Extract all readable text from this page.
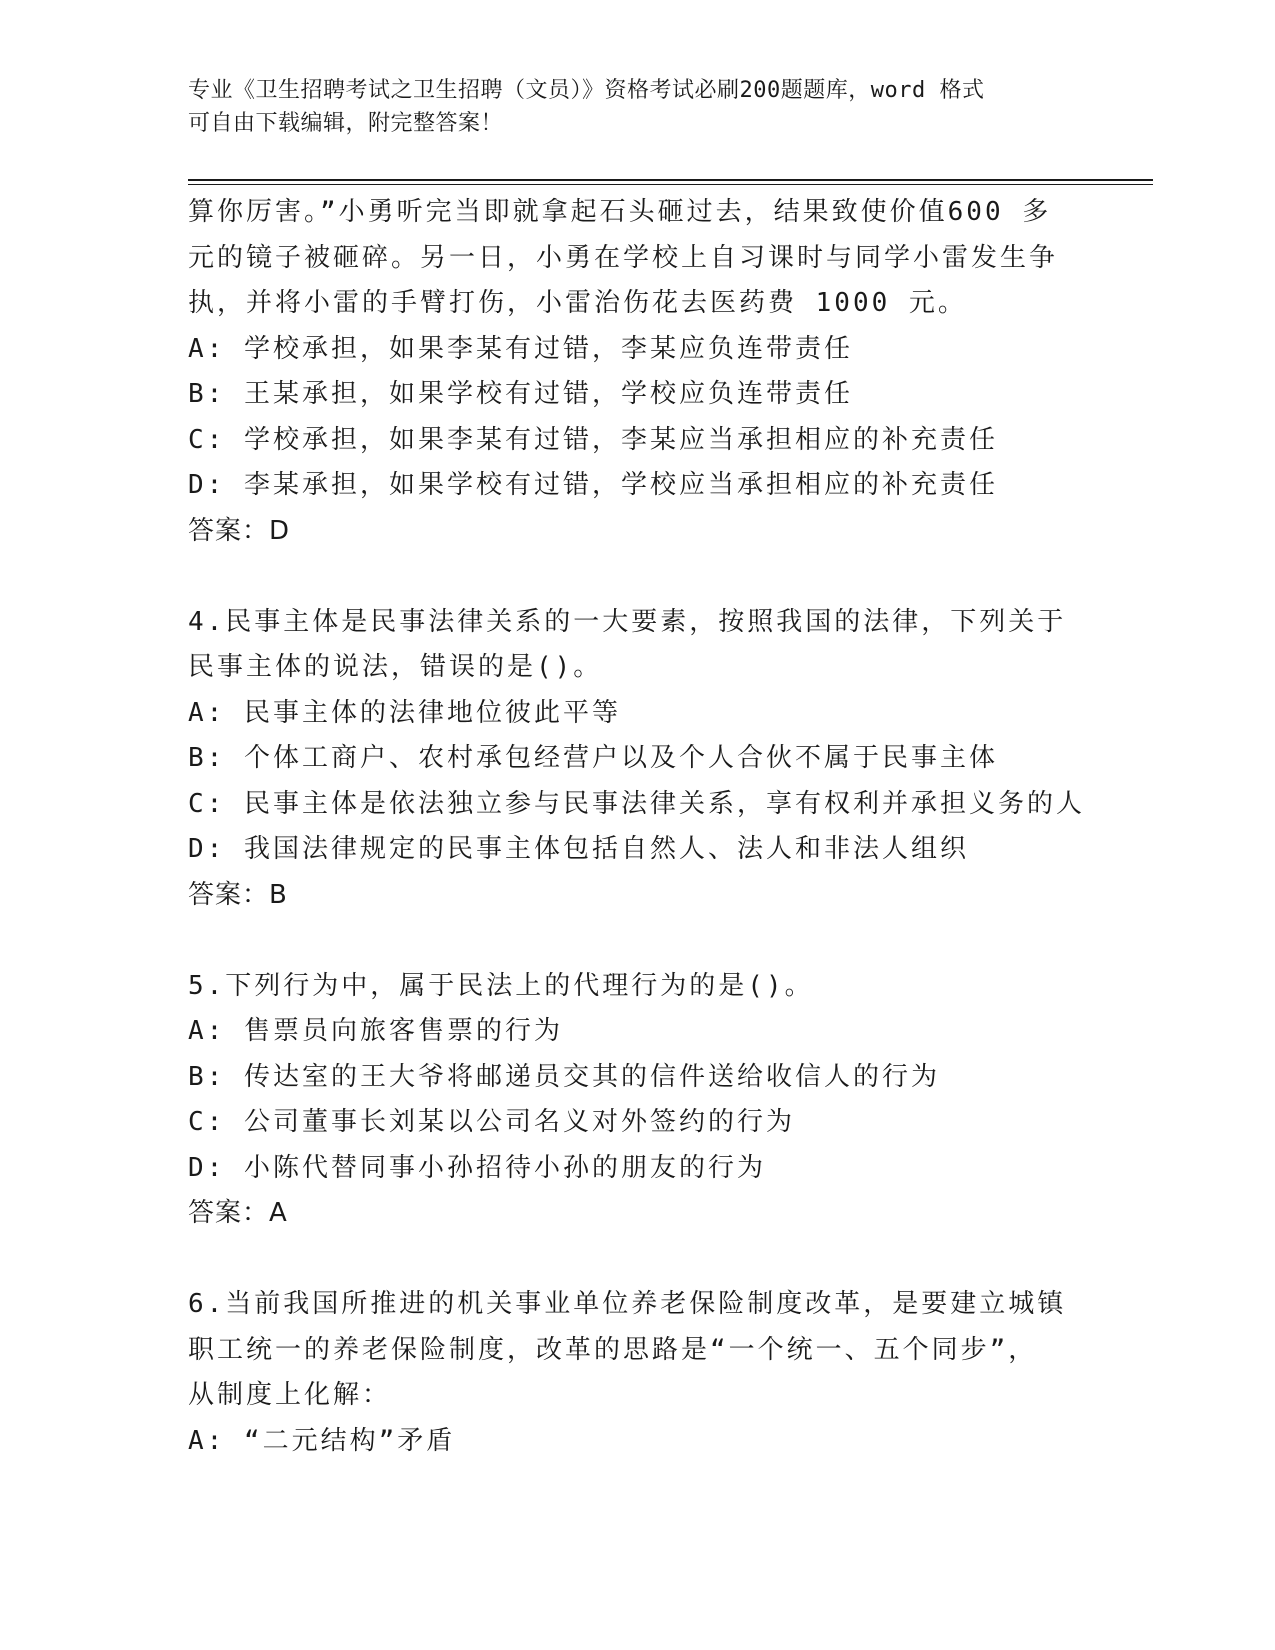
专业《卫生招聘考试之卫生招聘（文员）》资格考试必刷200题题库，word 格式
可自由下载编辑，附完整答案！

算你厉害。”小勇听完当即就拿起石头砸过去，结果致使价值600 多

元的镜子被砸碎。另一日，小勇在学校上自习课时与同学小雷发生争

执，并将小雷的手臂打伤，小雷治伤花去医药费 1000 元。

A: 学校承担，如果李某有过错，李某应负连带责任

B: 王某承担，如果学校有过错，学校应负连带责任

C: 学校承担，如果李某有过错，李某应当承担相应的补充责任

D: 李某承担，如果学校有过错，学校应当承担相应的补充责任

答案：D

4.民事主体是民事法律关系的一大要素，按照我国的法律，下列关于

民事主体的说法，错误的是()。

A: 民事主体的法律地位彼此平等

B: 个体工商户、农村承包经营户以及个人合伙不属于民事主体

C: 民事主体是依法独立参与民事法律关系，享有权利并承担义务的人

D: 我国法律规定的民事主体包括自然人、法人和非法人组织

答案：B

5.下列行为中，属于民法上的代理行为的是()。

A: 售票员向旅客售票的行为

B: 传达室的王大爷将邮递员交其的信件送给收信人的行为

C: 公司董事长刘某以公司名义对外签约的行为

D: 小陈代替同事小孙招待小孙的朋友的行为

答案：A

6.当前我国所推进的机关事业单位养老保险制度改革，是要建立城镇

职工统一的养老保险制度，改革的思路是“一个统一、五个同步”，

从制度上化解：

A: “二元结构”矛盾
